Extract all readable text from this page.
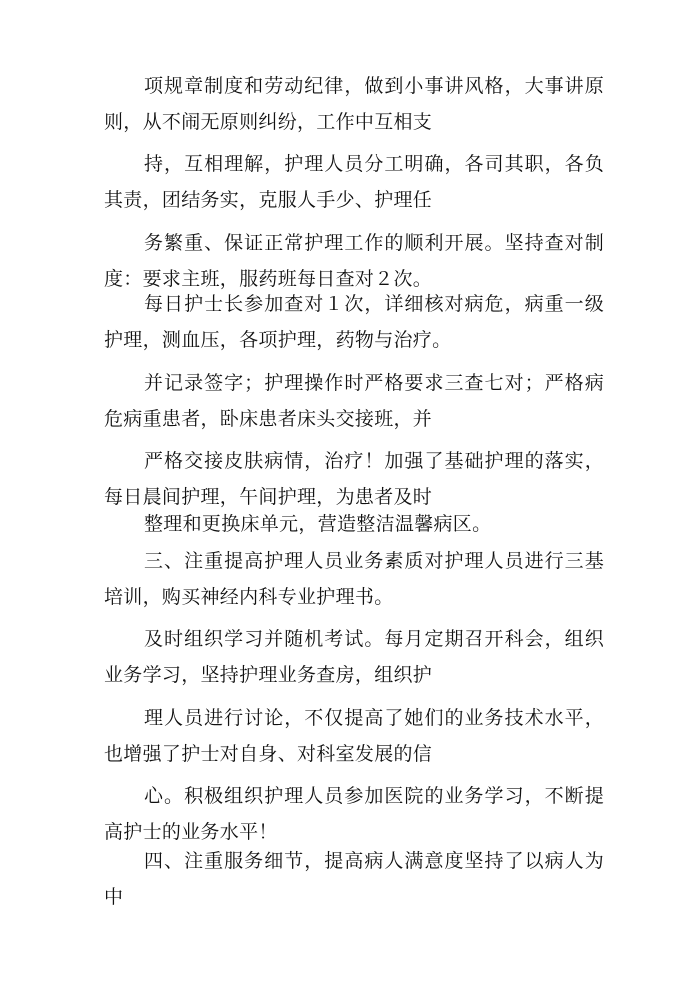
项规章制度和劳动纪律，做到小事讲风格，大事讲原则，从不闹无原则纠纷，工作中互相支

持，互相理解，护理人员分工明确，各司其职，各负其责，团结务实，克服人手少、护理任

务繁重、保证正常护理工作的顺利开展。坚持查对制度：要求主班，服药班每日查对２次。

每日护士长参加查对１次，详细核对病危，病重一级护理，测血压，各项护理，药物与治疗。

并记录签字；护理操作时严格要求三查七对；严格病危病重患者，卧床患者床头交接班，并

严格交接皮肤病情，治疗！加强了基础护理的落实，每日晨间护理，午间护理，为患者及时

整理和更换床单元，营造整洁温馨病区。

三、注重提高护理人员业务素质对护理人员进行三基培训，购买神经内科专业护理书。

及时组织学习并随机考试。每月定期召开科会，组织业务学习，坚持护理业务查房，组织护

理人员进行讨论，不仅提高了她们的业务技术水平，也增强了护士对自身、对科室发展的信

心。积极组织护理人员参加医院的业务学习，不断提高护士的业务水平！

四、注重服务细节，提高病人满意度坚持了以病人为中
